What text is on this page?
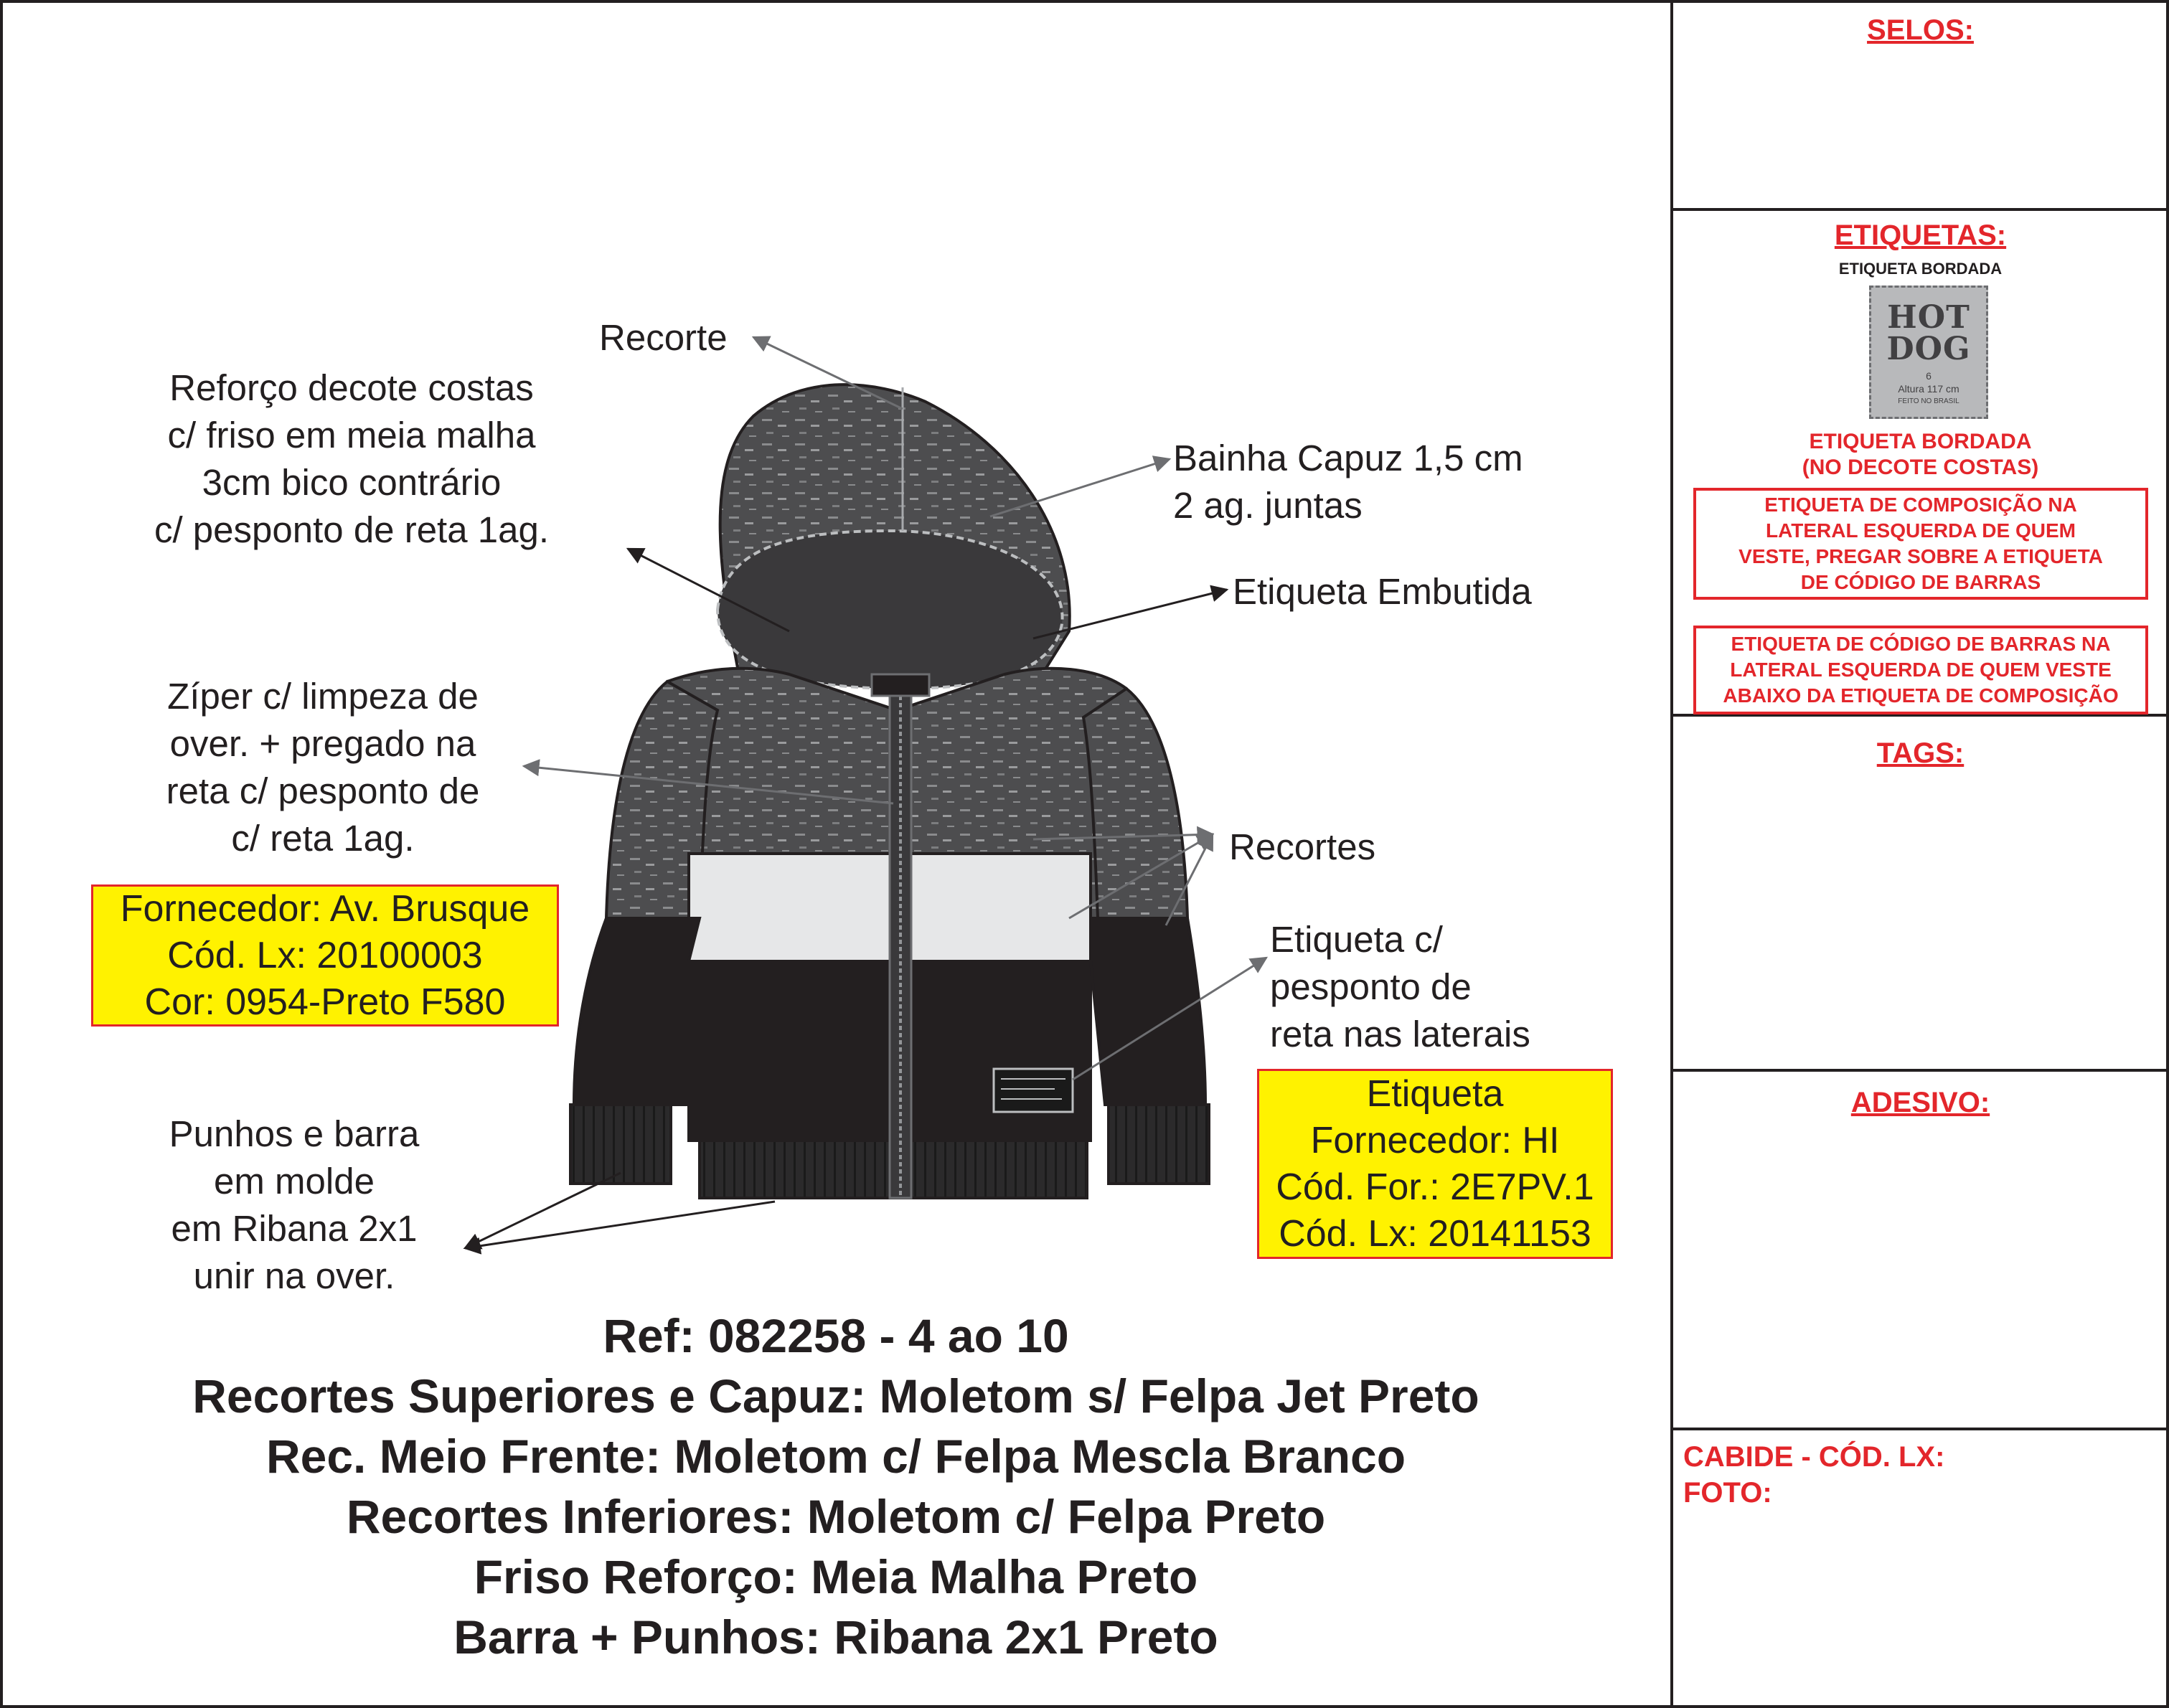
SELOS:
ETIQUETAS:
ETIQUETA BORDADA
HOT
DOG
6
Altura 117 cm
FEITO NO BRASIL
ETIQUETA BORDADA
(NO DECOTE COSTAS)
ETIQUETA DE COMPOSIÇÃO NA
LATERAL ESQUERDA DE QUEM
VESTE, PREGAR SOBRE A ETIQUETA
DE CÓDIGO DE BARRAS
ETIQUETA DE CÓDIGO DE BARRAS NA
LATERAL ESQUERDA DE QUEM VESTE
ABAIXO DA ETIQUETA DE COMPOSIÇÃO
TAGS:
ADESIVO:
CABIDE - CÓD. LX:
FOTO:
Recorte
Reforço decote costas
c/ friso em meia malha
3cm bico contrário
c/ pesponto de reta 1ag.
Bainha Capuz 1,5 cm
2 ag. juntas
Etiqueta Embutida
Zíper c/ limpeza de
over. + pregado na
reta c/ pesponto de
c/ reta 1ag.	Recortes
Etiqueta c/
pesponto de
reta nas laterais
Punhos e barra
em molde
em Ribana 2x1
unir na over.
Fornecedor: Av. Brusque
Cód. Lx: 20100003
Cor: 0954-Preto F580
Etiqueta
Fornecedor: HI
Cód. For.: 2E7PV.1
Cód. Lx: 20141153
Ref: 082258 - 4 ao 10
Recortes Superiores e Capuz: Moletom s/ Felpa Jet Preto
Rec. Meio Frente: Moletom c/ Felpa Mescla Branco
Recortes Inferiores: Moletom c/ Felpa Preto
Friso Reforço: Meia Malha Preto
Barra + Punhos: Ribana 2x1 Preto
